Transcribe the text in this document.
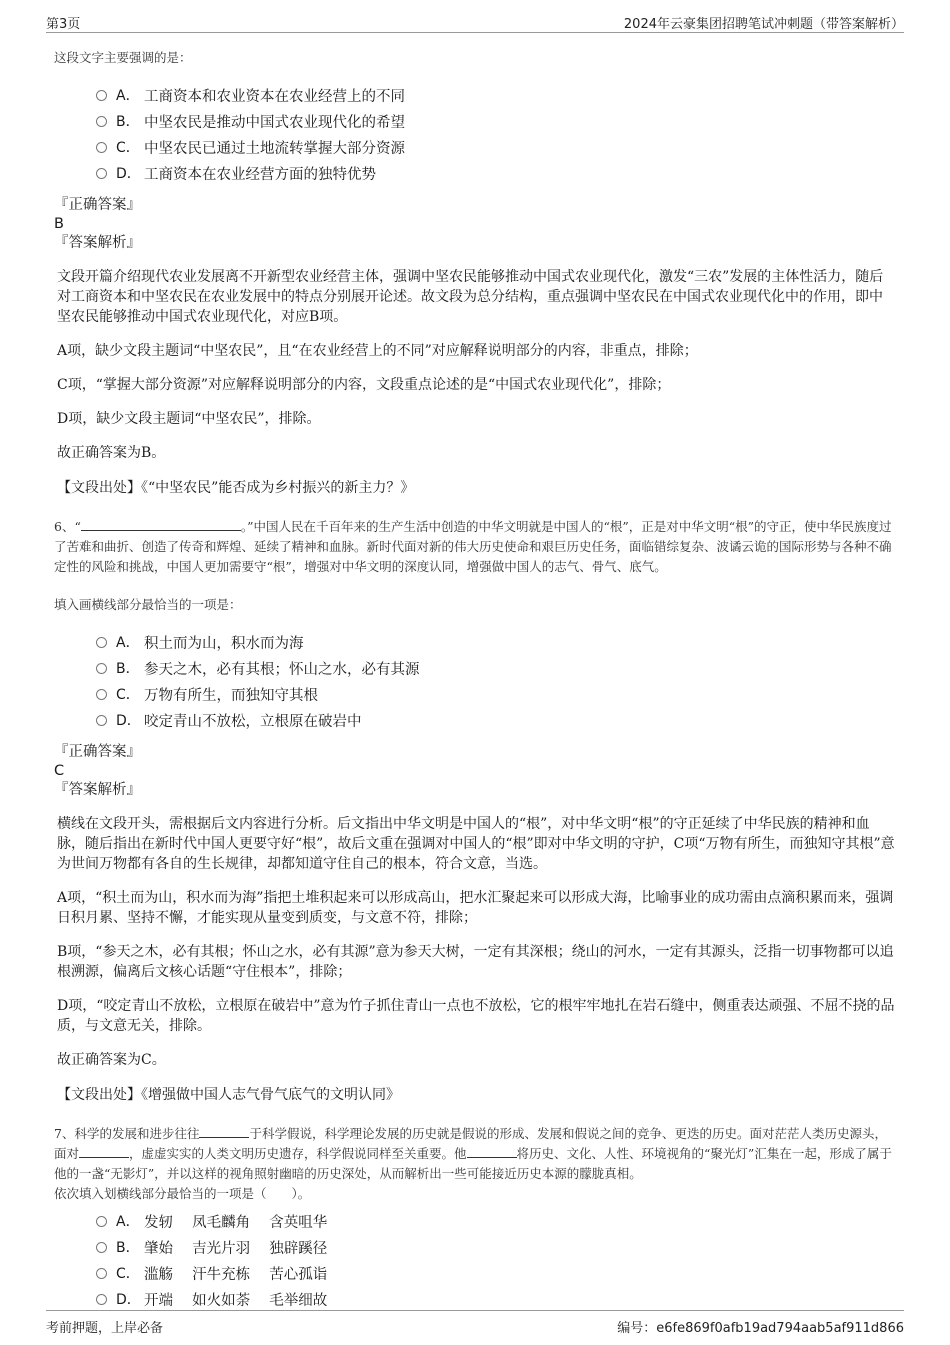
第3页	2024年云豪集团招聘笔试冲刺题（带答案解析）

这段文字主要强调的是：

A． 工商资本和农业资本在农业经营上的不同
B． 中坚农民是推动中国式农业现代化的希望
C． 中坚农民已通过土地流转掌握大部分资源
D． 工商资本在农业经营方面的独特优势

『正确答案』

B

『答案解析』

文段开篇介绍现代农业发展离不开新型农业经营主体，强调中坚农民能够推动中国式农业现代化，激发“三农”发展的主体性活力，随后对工商资本和中坚农民在农业发展中的特点分别展开论述。故文段为总分结构，重点强调中坚农民在中国式农业现代化中的作用，即中坚农民能够推动中国式农业现代化，对应B项。

A项，缺少文段主题词“中坚农民”，且“在农业经营上的不同”对应解释说明部分的内容，非重点，排除；

C项，“掌握大部分资源”对应解释说明部分的内容，文段重点论述的是“中国式农业现代化”，排除；

D项，缺少文段主题词“中坚农民”，排除。

故正确答案为B。

【文段出处】《“中坚农民”能否成为乡村振兴的新主力？》

6、“	。”中国人民在千百年来的生产生活中创造的中华文明就是中国人的“根”，正是对中华文明“根”的守正，使中华民族度过了苦难和曲折、创造了传奇和辉煌、延续了精神和血脉。新时代面对新的伟大历史使命和艰巨历史任务，面临错综复杂、波谲云诡的国际形势与各种不确定性的风险和挑战，中国人更加需要守“根”，增强对中华文明的深度认同，增强做中国人的志气、骨气、底气。

填入画横线部分最恰当的一项是：

A． 积土而为山，积水而为海
B． 参天之木，必有其根；怀山之水，必有其源
C． 万物有所生，而独知守其根
D． 咬定青山不放松，立根原在破岩中

『正确答案』

C

『答案解析』

横线在文段开头，需根据后文内容进行分析。后文指出中华文明是中国人的“根”，对中华文明“根”的守正延续了中华民族的精神和血脉，随后指出在新时代中国人更要守好“根”，故后文重在强调对中国人的“根”即对中华文明的守护，C项“万物有所生，而独知守其根”意为世间万物都有各自的生长规律，却都知道守住自己的根本，符合文意，当选。

A项，“积土而为山，积水而为海”指把土堆积起来可以形成高山，把水汇聚起来可以形成大海，比喻事业的成功需由点滴积累而来，强调日积月累、坚持不懈，才能实现从量变到质变，与文意不符，排除；

B项，“参天之木，必有其根；怀山之水，必有其源”意为参天大树，一定有其深根；绕山的河水，一定有其源头，泛指一切事物都可以追根溯源，偏离后文核心话题“守住根本”，排除；

D项，“咬定青山不放松，立根原在破岩中”意为竹子抓住青山一点也不放松，它的根牢牢地扎在岩石缝中，侧重表达顽强、不屈不挠的品质，与文意无关，排除。

故正确答案为C。

【文段出处】《增强做中国人志气骨气底气的文明认同》

7、科学的发展和进步往往	于科学假说，科学理论发展的历史就是假说的形成、发展和假说之间的竞争、更迭的历史。面对茫茫人类历史源头，面对	，虚虚实实的人类文明历史遗存，科学假说同样至关重要。他	将历史、文化、人性、环境视角的“聚光灯”汇集在一起，形成了属于他的一盏“无影灯”，并以这样的视角照射幽暗的历史深处，从而解析出一些可能接近历史本源的朦胧真相。

依次填入划横线部分最恰当的一项是（　　）。

A． 发轫　 凤毛麟角　 含英咀华
B． 肇始　 吉光片羽　 独辟蹊径
C． 滥觞　 汗牛充栋　 苦心孤诣
D． 开端　 如火如荼　 毛举细故
考前押题，上岸必备	编号：e6fe869f0afb19ad794aab5af911d866
